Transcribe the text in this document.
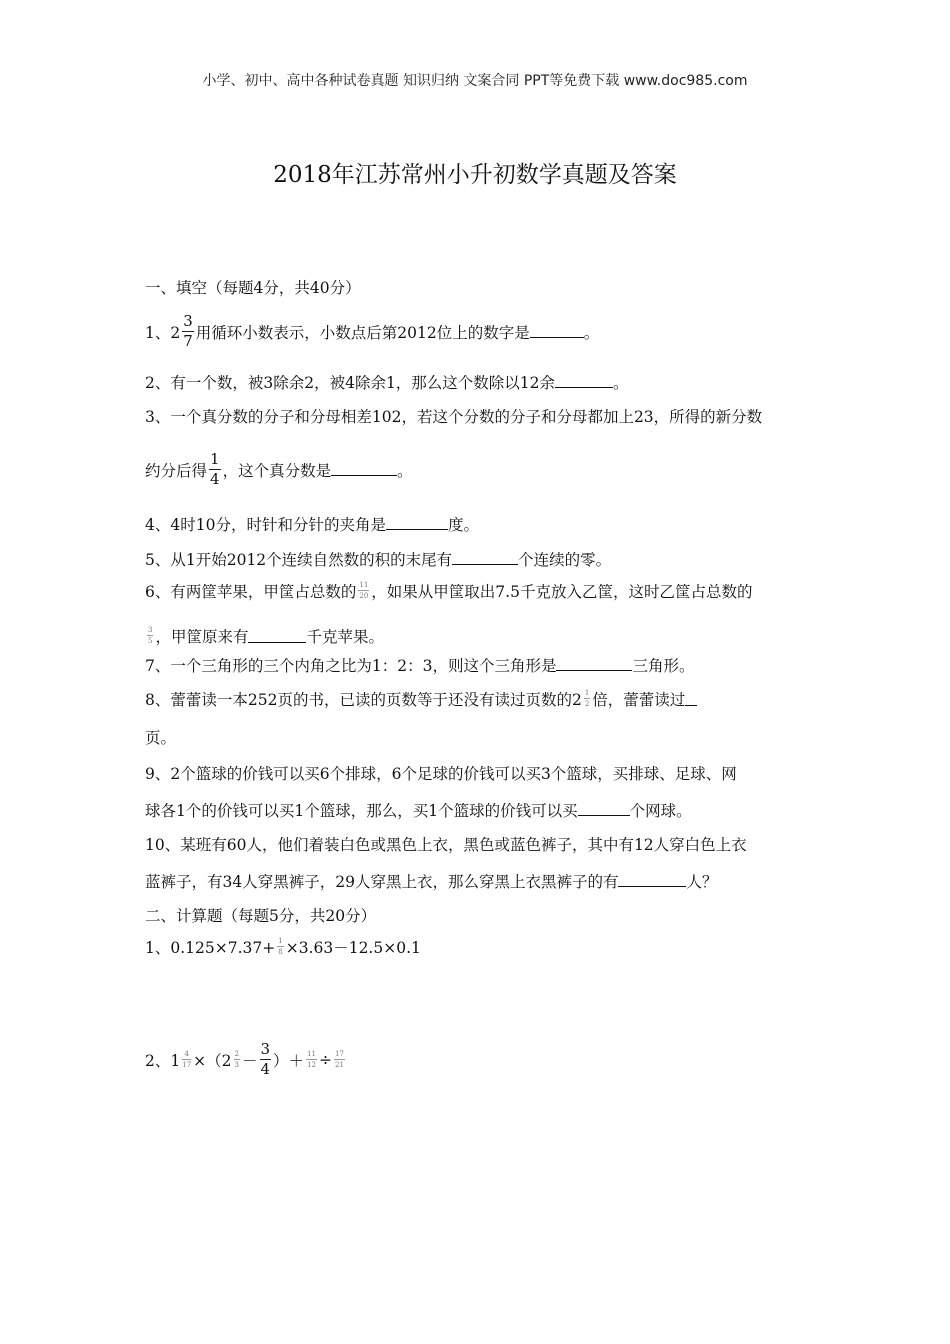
小学、初中、高中各种试卷真题 知识归纳 文案合同 PPT等免费下载 www.doc985.com
2018年江苏常州小升初数学真题及答案
一、填空（每题4分，共40分）
1、$2 \frac{3}{7}$ 用循环小数表示，小数点后第2012位上的数字是	。
2、有一个数，被3除余2，被4除余1，那么这个数除以12余	。
3、一个真分数的分子和分母相差102，若这个分数的分子和分母都加上23，所得的新分数
约分后得 $\frac{1}{4}$ ，这个真分数是	。
4、4时10分，时针和分针的夹角是	度。
5、从1开始2012个连续自然数的积的末尾有	个连续的零。
6、有两筐苹果，甲筐占总数的 $\frac{11}{20}$ ，如果从甲筐取出7.5千克放入乙筐，这时乙筐占总数的
$\frac{3}{5}$ ，甲筐原来有	千克苹果。
7、一个三角形的三个内角之比为1：2：3，则这个三角形是	三角形。
8、蕾蕾读一本252页的书，已读的页数等于还没有读过页数的$2 \frac{1}{2}$ 倍，蕾蕾读过
页。
9、2个篮球的价钱可以买6个排球，6个足球的价钱可以买3个篮球，买排球、足球、网
球各1个的价钱可以买1个篮球，那么，买1个篮球的价钱可以买	个网球。
10、某班有60人，他们着装白色或黑色上衣，黑色或蓝色裤子，其中有12人穿白色上衣
蓝裤子，有34人穿黑裤子，29人穿黑上衣，那么穿黑上衣黑裤子的有	人？
二、计算题（每题5分，共20分）
1、$0.125\times 7.37+ \frac{1}{8} \times 3.63-12.5\times 0.1$
2、$1 \frac{4}{17} \times(2 \frac{2}{3} - \frac{3}{4}$ ）＋ $\frac{11}{12} \div \frac{17}{21}$
